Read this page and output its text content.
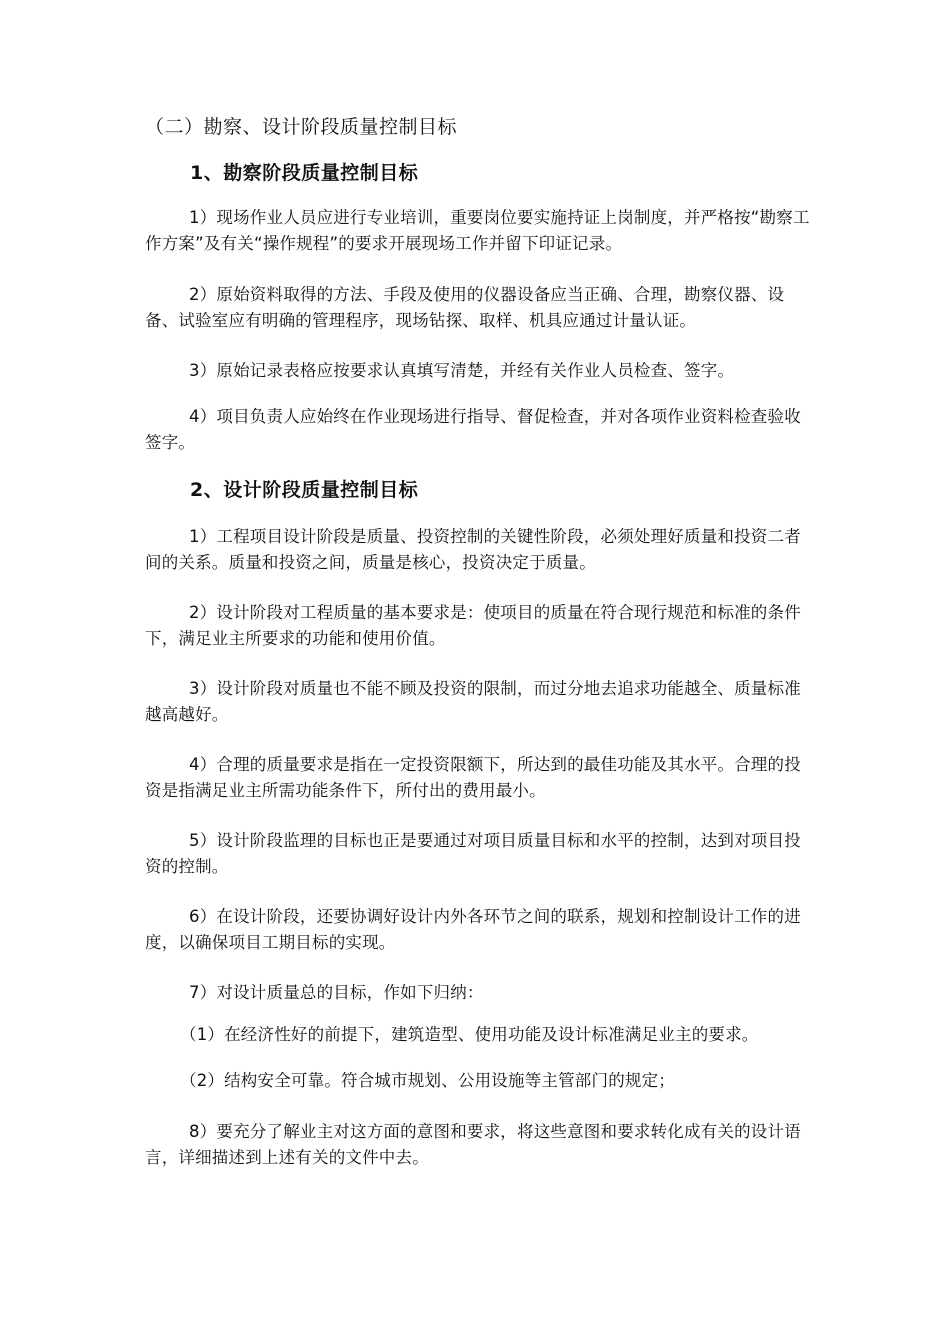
（二）勘察、设计阶段质量控制目标
1、勘察阶段质量控制目标
1）现场作业人员应进行专业培训，重要岗位要实施持证上岗制度，并严格按“勘察工作方案”及有关“操作规程”的要求开展现场工作并留下印证记录。
2）原始资料取得的方法、手段及使用的仪器设备应当正确、合理，勘察仪器、设备、试验室应有明确的管理程序，现场钻探、取样、机具应通过计量认证。
3）原始记录表格应按要求认真填写清楚，并经有关作业人员检查、签字。
4）项目负责人应始终在作业现场进行指导、督促检查，并对各项作业资料检查验收签字。
2、设计阶段质量控制目标
1）工程项目设计阶段是质量、投资控制的关键性阶段，必须处理好质量和投资二者间的关系。质量和投资之间，质量是核心，投资决定于质量。
2）设计阶段对工程质量的基本要求是：使项目的质量在符合现行规范和标准的条件下，满足业主所要求的功能和使用价值。
3）设计阶段对质量也不能不顾及投资的限制，而过分地去追求功能越全、质量标准越高越好。
4）合理的质量要求是指在一定投资限额下，所达到的最佳功能及其水平。合理的投资是指满足业主所需功能条件下，所付出的费用最小。
5）设计阶段监理的目标也正是要通过对项目质量目标和水平的控制，达到对项目投资的控制。
6）在设计阶段，还要协调好设计内外各环节之间的联系，规划和控制设计工作的进度，以确保项目工期目标的实现。
7）对设计质量总的目标，作如下归纳：
（1）在经济性好的前提下，建筑造型、使用功能及设计标准满足业主的要求。
（2）结构安全可靠。符合城市规划、公用设施等主管部门的规定；
8）要充分了解业主对这方面的意图和要求，将这些意图和要求转化成有关的设计语言，详细描述到上述有关的文件中去。
